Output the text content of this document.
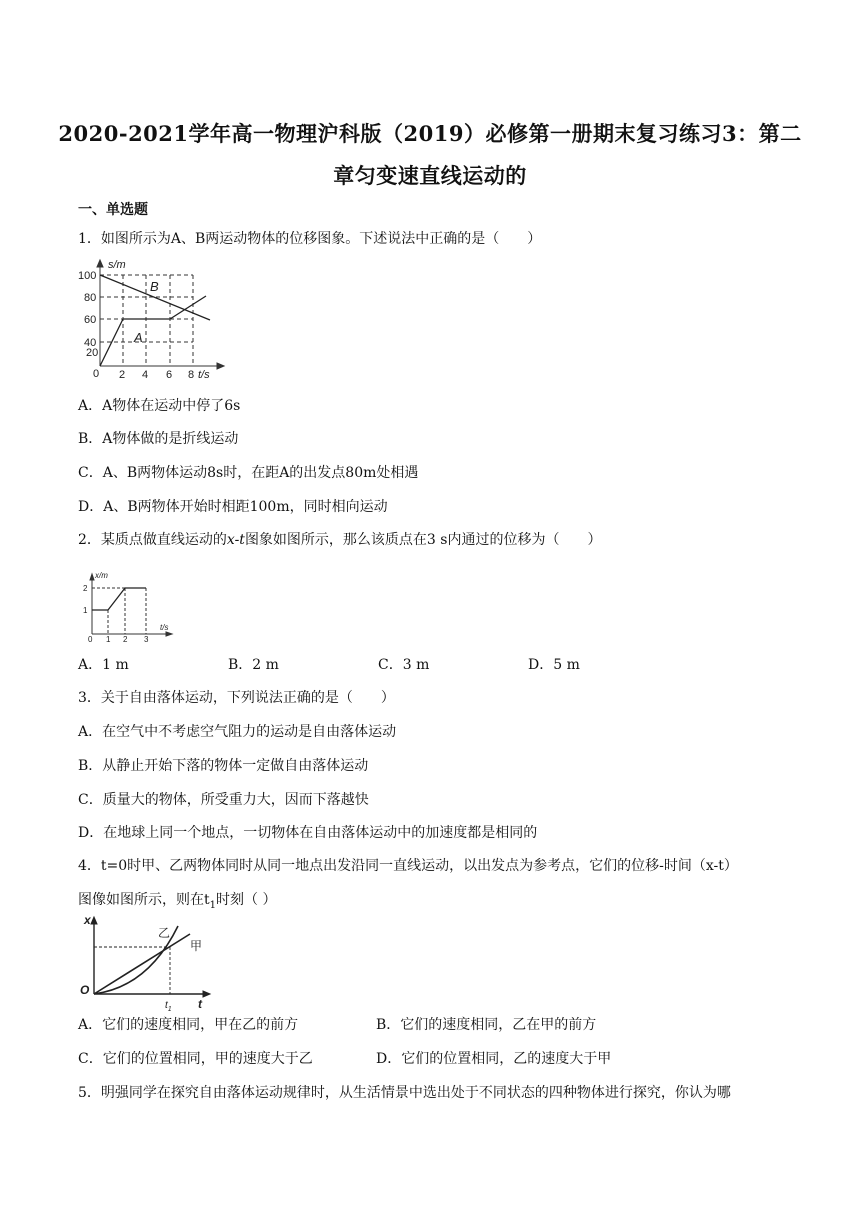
2020-2021学年高一物理沪科版（2019）必修第一册期末复习练习3：第二
章匀变速直线运动的
一、单选题
1．如图所示为A、B两运动物体的位移图象。下述说法中正确的是（　　）
s/m
100
80
60
40
20
0 2 4 6 8 t/s
B
A
A．A物体在运动中停了6s
B．A物体做的是折线运动
C．A、B两物体运动8s时，在距A的出发点80m处相遇
D．A、B两物体开始时相距100m，同时相向运动
2．某质点做直线运动的x-t图象如图所示，那么该质点在3 s内通过的位移为（　　）
x/m
2
1
0 1 2 3
t/s
A．1 m	B．2 m	C．3 m	D．5 m
3．关于自由落体运动，下列说法正确的是（　　）
A．在空气中不考虑空气阻力的运动是自由落体运动
B．从静止开始下落的物体一定做自由落体运动
C．质量大的物体，所受重力大，因而下落越快
D．在地球上同一个地点，一切物体在自由落体运动中的加速度都是相同的
4．t=0时甲、乙两物体同时从同一地点出发沿同一直线运动，以出发点为参考点，它们的位移-时间（x-t）
图像如图所示，则在$t_1$时刻（ ）
x
O
t
$t_1$
乙
甲
A．它们的速度相同，甲在乙的前方	B．它们的速度相同，乙在甲的前方
C．它们的位置相同，甲的速度大于乙	D．它们的位置相同，乙的速度大于甲
5．明强同学在探究自由落体运动规律时，从生活情景中选出处于不同状态的四种物体进行探究，你认为哪
